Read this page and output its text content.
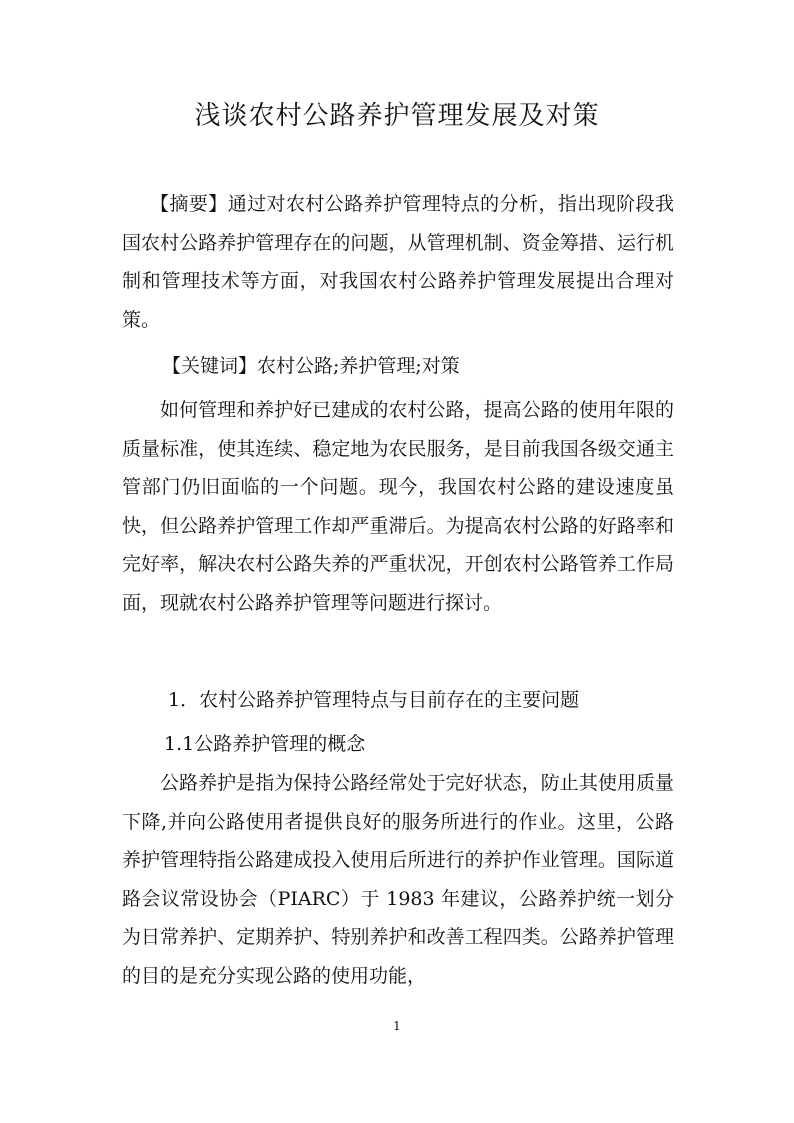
浅谈农村公路养护管理发展及对策

【摘要】通过对农村公路养护管理特点的分析，指出现阶段我国农村公路养护管理存在的问题，从管理机制、资金筹措、运行机制和管理技术等方面，对我国农村公路养护管理发展提出合理对策。

【关键词】农村公路;养护管理;对策

如何管理和养护好已建成的农村公路，提高公路的使用年限的质量标准，使其连续、稳定地为农民服务，是目前我国各级交通主管部门仍旧面临的一个问题。现今，我国农村公路的建设速度虽快，但公路养护管理工作却严重滞后。为提高农村公路的好路率和完好率，解决农村公路失养的严重状况，开创农村公路管养工作局面，现就农村公路养护管理等问题进行探讨。

1．农村公路养护管理特点与目前存在的主要问题
1.1公路养护管理的概念

公路养护是指为保持公路经常处于完好状态，防止其使用质量下降,并向公路使用者提供良好的服务所进行的作业。这里，公路养护管理特指公路建成投入使用后所进行的养护作业管理。国际道路会议常设协会（PIARC）于 1983 年建议，公路养护统一划分为日常养护、定期养护、特别养护和改善工程四类。公路养护管理的目的是充分实现公路的使用功能，

1
